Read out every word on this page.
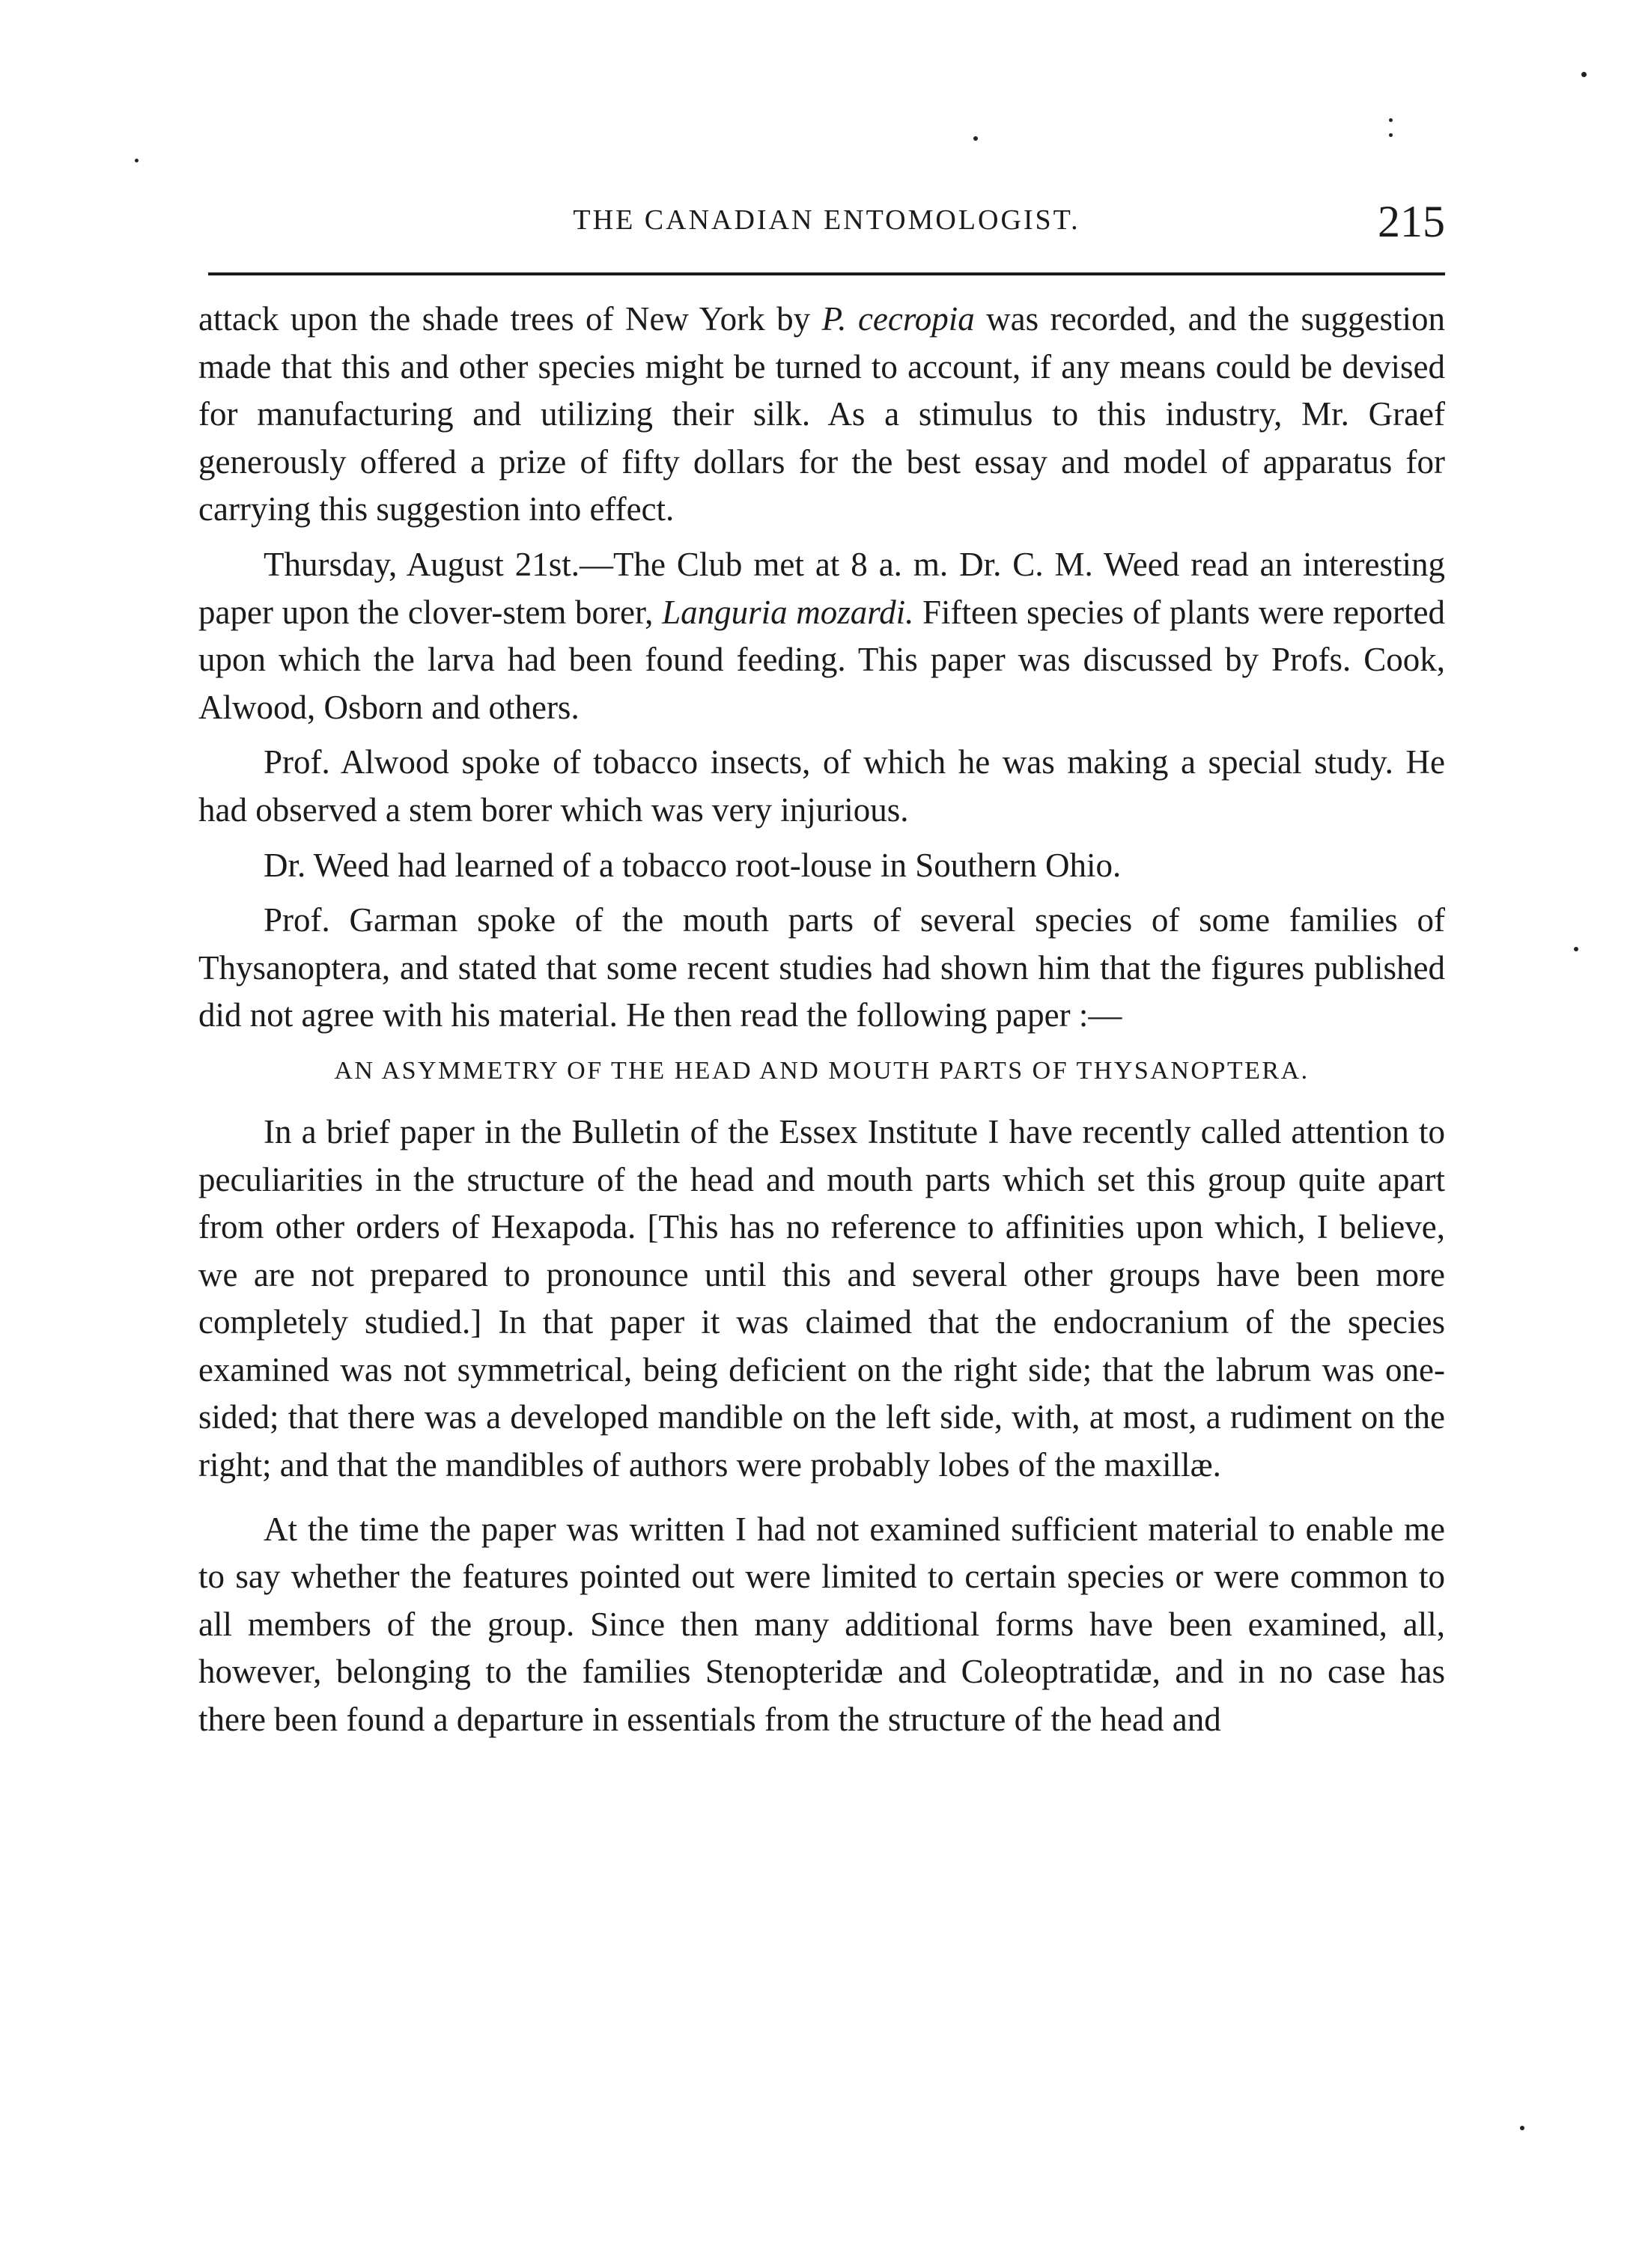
THE CANADIAN ENTOMOLOGIST.	215

attack upon the shade trees of New York by P. cecropia was recorded, and the suggestion made that this and other species might be turned to account, if any means could be devised for manufacturing and utilizing their silk. As a stimulus to this industry, Mr. Graef generously offered a prize of fifty dollars for the best essay and model of apparatus for carrying this suggestion into effect.

Thursday, August 21st.—The Club met at 8 a. m. Dr. C. M. Weed read an interesting paper upon the clover-stem borer, Languria mozardi. Fifteen species of plants were reported upon which the larva had been found feeding. This paper was discussed by Profs. Cook, Alwood, Osborn and others.

Prof. Alwood spoke of tobacco insects, of which he was making a special study. He had observed a stem borer which was very injurious.

Dr. Weed had learned of a tobacco root-louse in Southern Ohio.

Prof. Garman spoke of the mouth parts of several species of some families of Thysanoptera, and stated that some recent studies had shown him that the figures published did not agree with his material. He then read the following paper :—

AN ASYMMETRY OF THE HEAD AND MOUTH PARTS OF THYSANOPTERA.

In a brief paper in the Bulletin of the Essex Institute I have recently called attention to peculiarities in the structure of the head and mouth parts which set this group quite apart from other orders of Hexapoda. [This has no reference to affinities upon which, I believe, we are not prepared to pronounce until this and several other groups have been more completely studied.] In that paper it was claimed that the endocranium of the species examined was not symmetrical, being deficient on the right side; that the labrum was one-sided; that there was a developed mandible on the left side, with, at most, a rudiment on the right; and that the mandibles of authors were probably lobes of the maxillæ.

At the time the paper was written I had not examined sufficient material to enable me to say whether the features pointed out were limited to certain species or were common to all members of the group. Since then many additional forms have been examined, all, however, belonging to the families Stenopteridæ and Coleoptratidæ, and in no case has there been found a departure in essentials from the structure of the head and
